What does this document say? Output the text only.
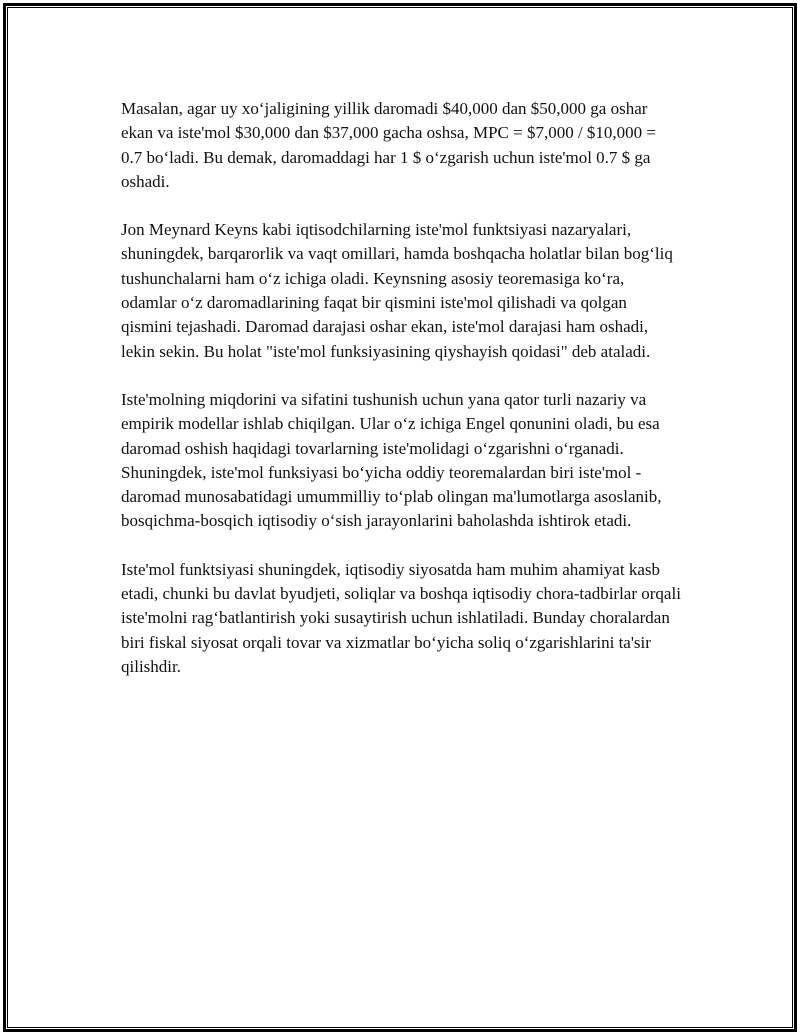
Masalan, agar uy xo‘jaligining yillik daromadi $40,000 dan $50,000 ga oshar ekan va iste'mol $30,000 dan $37,000 gacha oshsa, MPC = $7,000 / $10,000 = 0.7 bo‘ladi. Bu demak, daromaddagi har 1 $ o‘zgarish uchun iste'mol 0.7 $ ga oshadi.

Jon Meynard Keyns kabi iqtisodchilarning iste'mol funktsiyasi nazaryalari, shuningdek, barqarorlik va vaqt omillari, hamda boshqacha holatlar bilan bog‘liq tushunchalarni ham o‘z ichiga oladi. Keynsning asosiy teoremasiga ko‘ra, odamlar o‘z daromadlarining faqat bir qismini iste'mol qilishadi va qolgan qismini tejashadi. Daromad darajasi oshar ekan, iste'mol darajasi ham oshadi, lekin sekin. Bu holat "iste'mol funksiyasining qiyshayish qoidasi" deb ataladi.

Iste'molning miqdorini va sifatini tushunish uchun yana qator turli nazariy va empirik modellar ishlab chiqilgan. Ular o‘z ichiga Engel qonunini oladi, bu esa daromad oshish haqidagi tovarlarning iste'molidagi o‘zgarishni o‘rganadi. Shuningdek, iste'mol funksiyasi bo‘yicha oddiy teoremalardan biri iste'mol - daromad munosabatidagi umummilliy to‘plab olingan ma'lumotlarga asoslanib, bosqichma-bosqich iqtisodiy o‘sish jarayonlarini baholashda ishtirok etadi.

Iste'mol funktsiyasi shuningdek, iqtisodiy siyosatda ham muhim ahamiyat kasb etadi, chunki bu davlat byudjeti, soliqlar va boshqa iqtisodiy chora-tadbirlar orqali iste'molni rag‘batlantirish yoki susaytirish uchun ishlatiladi. Bunday choralardan biri fiskal siyosat orqali tovar va xizmatlar bo‘yicha soliq o‘zgarishlarini ta'sir qilishdir.
